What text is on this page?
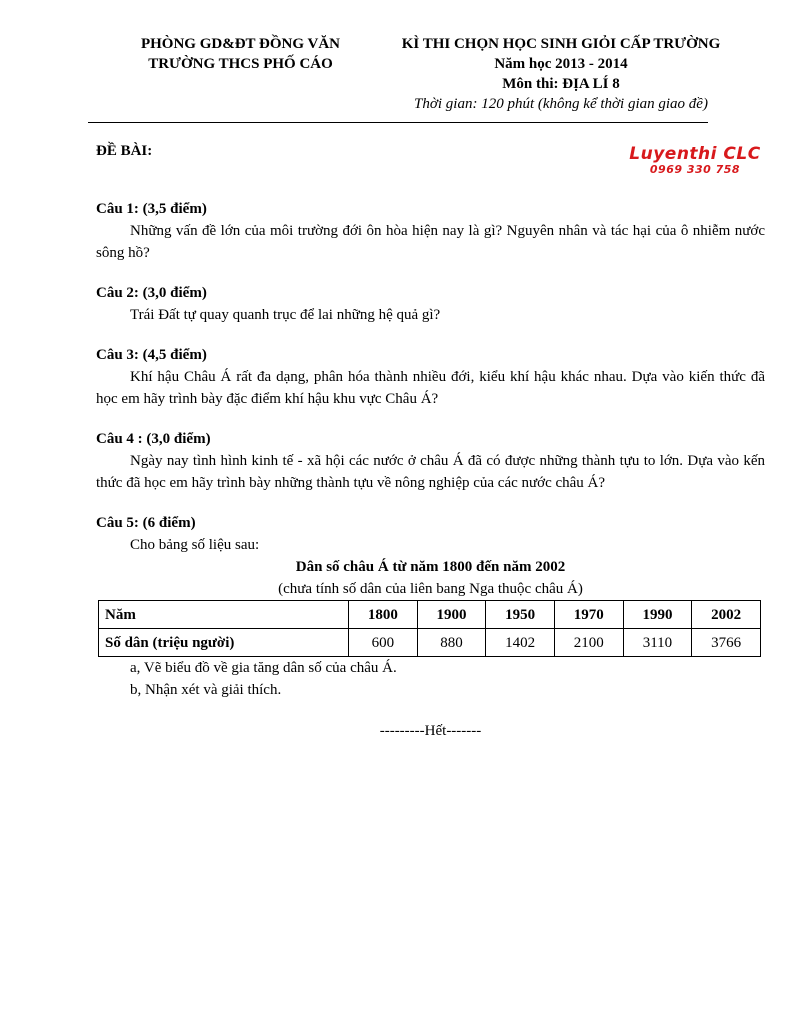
PHÒNG GD&ĐT ĐỒNG VĂN
TRƯỜNG THCS PHỐ CÁO
KÌ THI CHỌN HỌC SINH GIỎI CẤP TRƯỜNG
Năm học 2013 - 2014
Môn thi: ĐỊA LÍ 8
Thời gian: 120 phút (không kể thời gian giao đề)
Luyenthi CLC
0969 330 758
ĐỀ BÀI:
Câu 1: (3,5 điểm)
Những vấn đề lớn của môi trường đới ôn hòa hiện nay là gì? Nguyên nhân và tác hại của ô nhiễm nước sông hồ?
Câu 2: (3,0 điểm)
Trái Đất tự quay quanh trục để lai những hệ quả gì?
Câu 3: (4,5 điểm)
Khí hậu Châu Á rất đa dạng, phân hóa thành nhiều đới, kiểu khí hậu khác nhau. Dựa vào kiến thức đã học em hãy trình bày đặc điểm khí hậu khu vực Châu Á?
Câu 4 : (3,0 điểm)
Ngày nay tình hình kinh tế - xã hội các nước ở châu Á đã có được những thành tựu to lớn. Dựa vào kến thức đã học em hãy trình bày những thành tựu về nông nghiệp của các nước châu Á?
Câu 5: (6 điểm)
Cho bảng số liệu sau:
Dân số châu Á từ năm 1800 đến năm 2002
(chưa tính số dân của liên bang Nga thuộc châu Á)
Năm	1800	1900	1950	1970	1990	2002
Số dân (triệu người)	600	880	1402	2100	3110	3766
a, Vẽ biểu đồ về gia tăng dân số của châu Á.
b, Nhận xét và giải thích.
---------Hết-------
